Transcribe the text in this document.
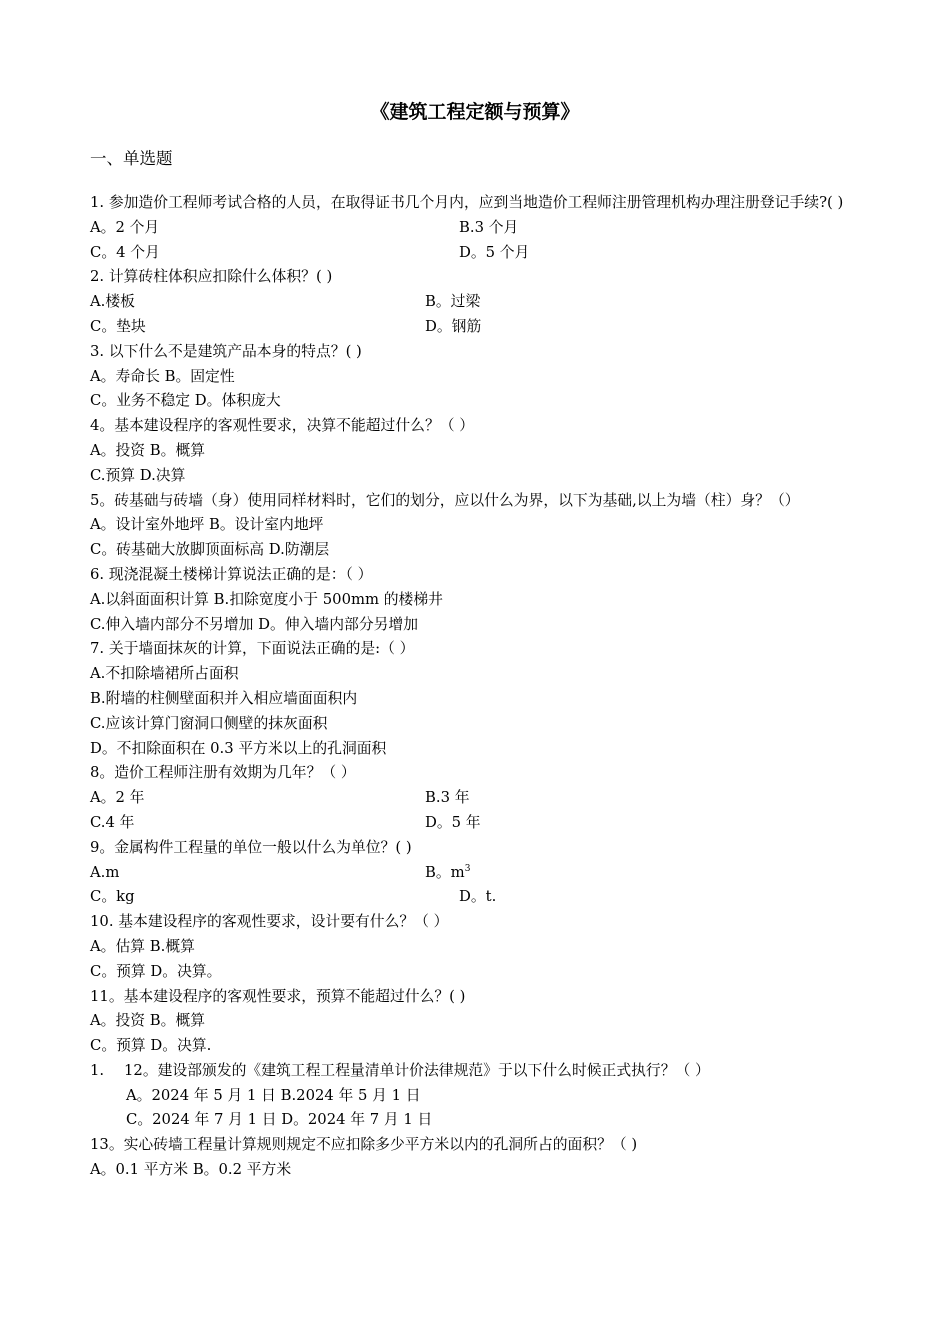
《建筑工程定额与预算》
一、单选题
1. 参加造价工程师考试合格的人员，在取得证书几个月内，应到当地造价工程师注册管理机构办理注册登记手续?( )
A。2 个月	B.3 个月
C。4 个月	D。5 个月
2. 计算砖柱体积应扣除什么体积？( )
A.楼板	B。过梁
C。垫块	D。钢筋
3. 以下什么不是建筑产品本身的特点？( )
A。寿命长 B。固定性
C。业务不稳定 D。体积庞大
4。基本建设程序的客观性要求，决算不能超过什么？（ ）
A。投资 B。概算
C.预算 D.决算
5。砖基础与砖墙（身）使用同样材料时，它们的划分，应以什么为界，以下为基础,以上为墙（柱）身？（）
A。设计室外地坪 B。设计室内地坪
C。砖基础大放脚顶面标高 D.防潮层
6. 现浇混凝土楼梯计算说法正确的是：（ ）
A.以斜面面积计算 B.扣除宽度小于 500mm 的楼梯井
C.伸入墙内部分不另增加 D。伸入墙内部分另增加
7. 关于墙面抹灰的计算，下面说法正确的是:（ ）
A.不扣除墙裙所占面积
B.附墙的柱侧壁面积并入相应墙面面积内
C.应该计算门窗洞口侧壁的抹灰面积
D。不扣除面积在 0.3 平方米以上的孔洞面积
8。造价工程师注册有效期为几年？（ ）
A。2 年	B.3 年
C.4 年	D。5 年
9。金属构件工程量的单位一般以什么为单位？( )
A.m	B。$m^3$
C。kg	D。t.
10. 基本建设程序的客观性要求，设计要有什么？（ ）
A。估算 B.概算
C。预算 D。决算。
11。基本建设程序的客观性要求，预算不能超过什么？( )
A。投资 B。概算
C。预算 D。决算.
1. 12。建设部颁发的《建筑工程工程量清单计价法律规范》于以下什么时候正式执行？（ ）
A。2024 年 5 月 1 日 B.2024 年 5 月 1 日
C。2024 年 7 月 1 日 D。2024 年 7 月 1 日
13。实心砖墙工程量计算规则规定不应扣除多少平方米以内的孔洞所占的面积？（ )
A。0.1 平方米 B。0.2 平方米
